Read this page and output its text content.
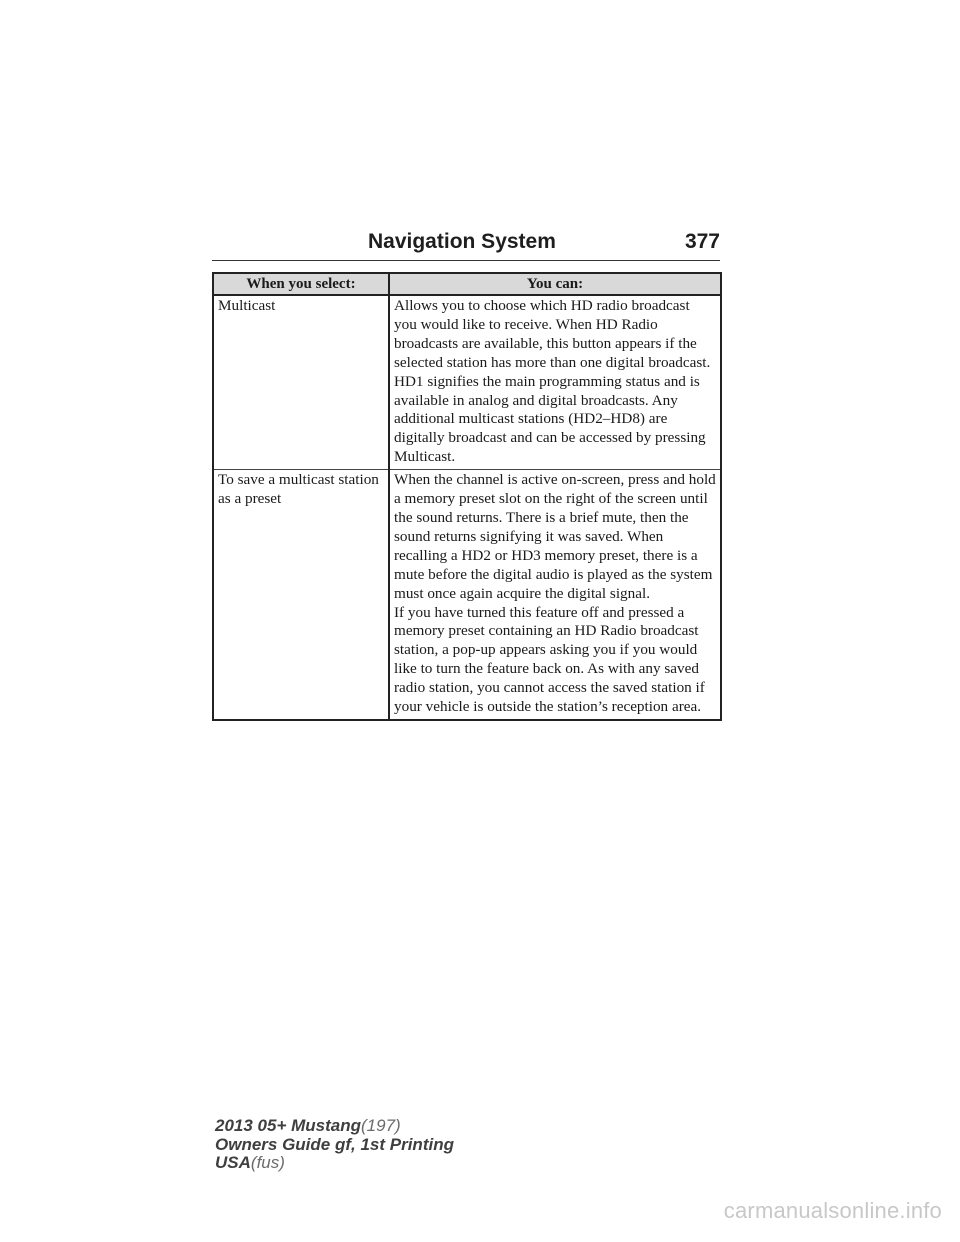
Navigation System	377
When you select:	You can:
Multicast	Allows you to choose which HD radio broadcast you would like to receive. When HD Radio broadcasts are available, this button appears if the selected station has more than one digital broadcast. HD1 signifies the main programming status and is available in analog and digital broadcasts. Any additional multicast stations (HD2–HD8) are digitally broadcast and can be accessed by pressing Multicast.

To save a multicast station as a preset	When the channel is active on-screen, press and hold a memory preset slot on the right of the screen until the sound returns. There is a brief mute, then the sound returns signifying it was saved. When recalling a HD2 or HD3 memory preset, there is a mute before the digital audio is played as the system must once again acquire the digital signal.

If you have turned this feature off and pressed a memory preset containing an HD Radio broadcast station, a pop-up appears asking you if you would like to turn the feature back on. As with any saved radio station, you cannot access the saved station if your vehicle is outside the station’s reception area.

2013 05+ Mustang(197)
Owners Guide gf, 1st Printing
USA(fus)
carmanualsonline.info
